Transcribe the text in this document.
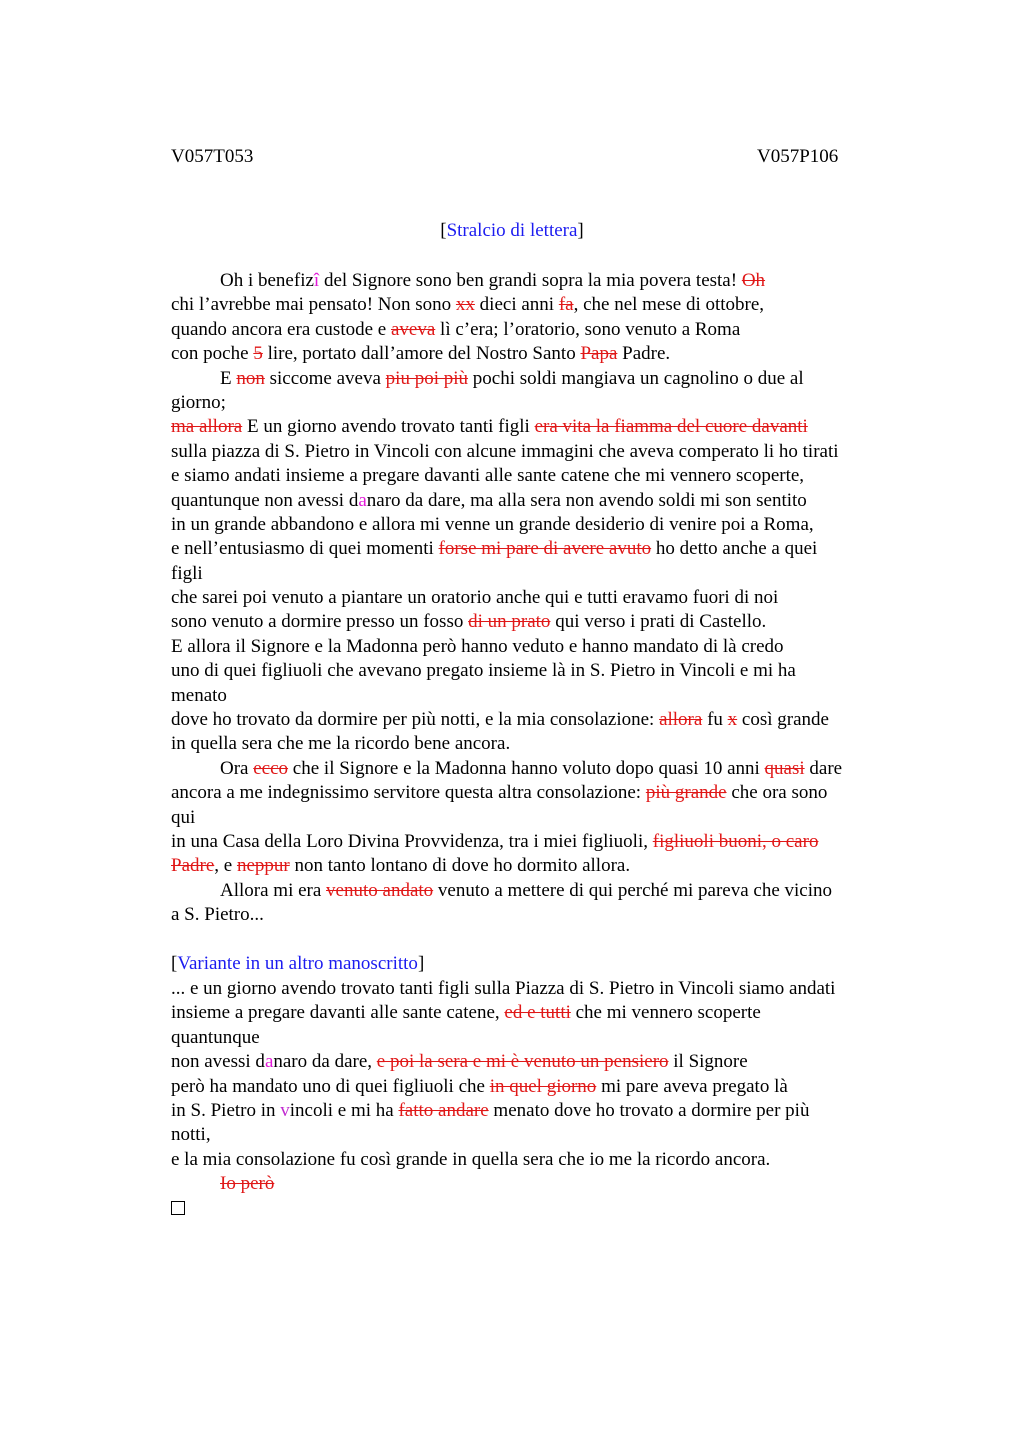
V057T053	V057P106
[Stralcio di lettera]
Oh i benefizî del Signore sono ben grandi sopra la mia povera testa! Oh
chi l’avrebbe mai pensato! Non sono xx dieci anni fa, che nel mese di ottobre,
quando ancora era custode e aveva lì c’era; l’oratorio, sono venuto a Roma
con poche 5 lire, portato dall’amore del Nostro Santo Papa Padre.
E non siccome aveva piu poi più pochi soldi mangiava un cagnolino o due al
giorno;
ma allora E un giorno avendo trovato tanti figli era vita la fiamma del cuore davanti
sulla piazza di S. Pietro in Vincoli con alcune immagini che aveva comperato li ho tirati
e siamo andati insieme a pregare davanti alle sante catene che mi vennero scoperte,
quantunque non avessi danaro da dare, ma alla sera non avendo soldi mi son sentito
in un grande abbandono e allora mi venne un grande desiderio di venire poi a Roma,
e nell’entusiasmo di quei momenti forse mi pare di avere avuto ho detto anche a quei
figli
che sarei poi venuto a piantare un oratorio anche qui e tutti eravamo fuori di noi
sono venuto a dormire presso un fosso di un prato qui verso i prati di Castello.
E allora il Signore e la Madonna però hanno veduto e hanno mandato di là credo
uno di quei figliuoli che avevano pregato insieme là in S. Pietro in Vincoli e mi ha
menato
dove ho trovato da dormire per più notti, e la mia consolazione: allora fu x così grande
in quella sera che me la ricordo bene ancora.
Ora ecco che il Signore e la Madonna hanno voluto dopo quasi 10 anni quasi dare
ancora a me indegnissimo servitore questa altra consolazione: più grande che ora sono
qui
in una Casa della Loro Divina Provvidenza, tra i miei figliuoli, figliuoli buoni, o caro
Padre, e neppur non tanto lontano di dove ho dormito allora.
Allora mi era venuto andato venuto a mettere di qui perché mi pareva che vicino
a S. Pietro...
[Variante in un altro manoscritto]
... e un giorno avendo trovato tanti figli sulla Piazza di S. Pietro in Vincoli siamo andati
insieme a pregare davanti alle sante catene, ed e tutti che mi vennero scoperte
quantunque
non avessi danaro da dare, e poi la sera e mi è venuto un pensiero il Signore
però ha mandato uno di quei figliuoli che in quel giorno mi pare aveva pregato là
in S. Pietro in vincoli e mi ha fatto andare menato dove ho trovato a dormire per più
notti,
e la mia consolazione fu così grande in quella sera che io me la ricordo ancora.
Io però
